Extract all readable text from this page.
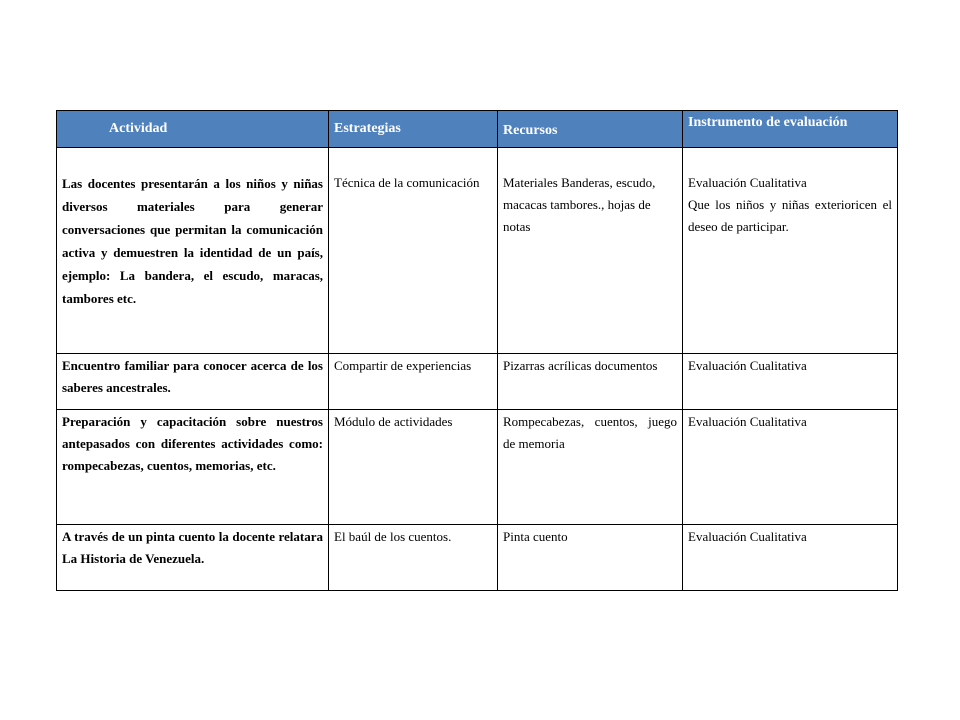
Actividad	Estrategias	Recursos	Instrumento de evaluación
Las docentes presentarán a los niños y niñas diversos materiales para generar conversaciones que permitan la comunicación activa y demuestren la identidad de un país, ejemplo: La bandera, el escudo, maracas, tambores etc.	Técnica de la comunicación	Materiales Banderas, escudo, macacas tambores., hojas de notas	Evaluación Cualitativa
Que los niños y niñas exterioricen el deseo de participar.

Encuentro familiar para conocer acerca de los saberes ancestrales.	Compartir de experiencias	Pizarras acrílicas documentos	Evaluación Cualitativa
Preparación y capacitación sobre nuestros antepasados con diferentes actividades como: rompecabezas, cuentos, memorias, etc.	Módulo de actividades	Rompecabezas, cuentos, juego de memoria	Evaluación Cualitativa
A través de un pinta cuento la docente relatara La Historia de Venezuela.	El baúl de los cuentos.	Pinta cuento	Evaluación Cualitativa
